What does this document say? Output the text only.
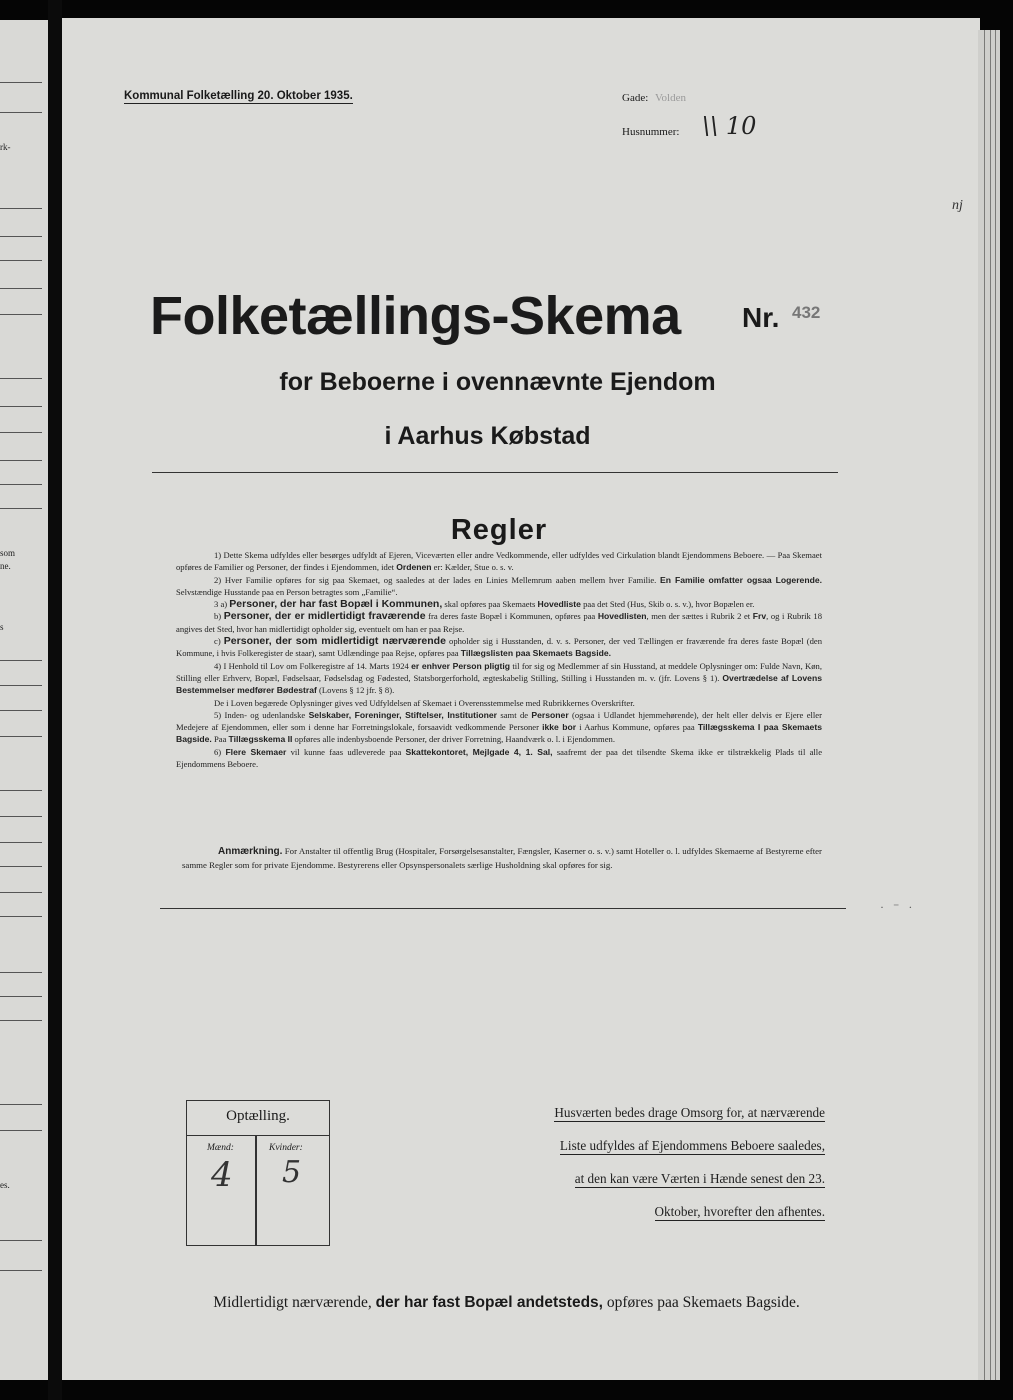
rk-
som
ne.
s
es.
Kommunal Folketælling 20. Oktober 1935.	Gade: Volden
Husnummer: \\ 10
nj
Folketællings-Skema Nr. 432
for Beboerne i ovennævnte Ejendom
i Aarhus Købstad
Regler

1) Dette Skema udfyldes eller besørges udfyldt af Ejeren, Viceværten eller andre Vedkommende, eller udfyldes ved Cirkulation blandt Ejendommens Beboere. — Paa Skemaet opføres de Familier og Personer, der findes i Ejendommen, idet Ordenen er: Kælder, Stue o. s. v.

2) Hver Familie opføres for sig paa Skemaet, og saaledes at der lades en Linies Mellemrum aaben mellem hver Familie. En Familie omfatter ogsaa Logerende. Selvstændige Husstande paa en Person betragtes som „Familie“.

3 a) Personer, der har fast Bopæl i Kommunen, skal opføres paa Skemaets Hovedliste paa det Sted (Hus, Skib o. s. v.), hvor Bopælen er.

b) Personer, der er midlertidigt fraværende fra deres faste Bopæl i Kommunen, opføres paa Hovedlisten, men der sættes i Rubrik 2 et Frv, og i Rubrik 18 angives det Sted, hvor han midlertidigt opholder sig, eventuelt om han er paa Rejse.

c) Personer, der som midlertidigt nærværende opholder sig i Husstanden, d. v. s. Personer, der ved Tællingen er fraværende fra deres faste Bopæl (den Kommune, i hvis Folkeregister de staar), samt Udlændinge paa Rejse, opføres paa Tillægslisten paa Skemaets Bagside.

4) I Henhold til Lov om Folkeregistre af 14. Marts 1924 er enhver Person pligtig til for sig og Medlemmer af sin Husstand, at meddele Oplysninger om: Fulde Navn, Køn, Stilling eller Erhverv, Bopæl, Fødselsaar, Fødselsdag og Fødested, Statsborgerforhold, ægteskabelig Stilling, Stilling i Husstanden m. v. (jfr. Lovens § 1). Overtrædelse af Lovens Bestemmelser medfører Bødestraf (Lovens § 12 jfr. § 8).

De i Loven begærede Oplysninger gives ved Udfyldelsen af Skemaet i Overensstemmelse med Rubrikkernes Overskrifter.

5) Inden- og udenlandske Selskaber, Foreninger, Stiftelser, Institutioner samt de Personer (ogsaa i Udlandet hjemmehørende), der helt eller delvis er Ejere eller Medejere af Ejendommen, eller som i denne har Forretningslokale, forsaavidt vedkommende Personer ikke bor i Aarhus Kommune, opføres paa Tillægsskema I paa Skemaets Bagside. Paa Tillægsskema II opføres alle indenbysboende Personer, der driver Forretning, Haandværk o. l. i Ejendommen.

6) Flere Skemaer vil kunne faas udleverede paa Skattekontoret, Mejlgade 4, 1. Sal, saafremt der paa det tilsendte Skema ikke er tilstrækkelig Plads til alle Ejendommens Beboere.

Anmærkning. For Anstalter til offentlig Brug (Hospitaler, Forsørgelsesanstalter, Fængsler, Kaserner o. s. v.) samt Hoteller o. l. udfyldes Skemaerne af Bestyrerne efter samme Regler som for private Ejendomme. Bestyrerens eller Opsynspersonalets særlige Husholdning skal opføres for sig.

· ⁻ ·
Optælling.
Mænd:	Kvinder:
4 5
Husværten bedes drage Omsorg for, at nærværende
Liste udfyldes af Ejendommens Beboere saaledes,
at den kan være Værten i Hænde senest den 23.
Oktober, hvorefter den afhentes.
Midlertidigt nærværende, der har fast Bopæl andetsteds, opføres paa Skemaets Bagside.
